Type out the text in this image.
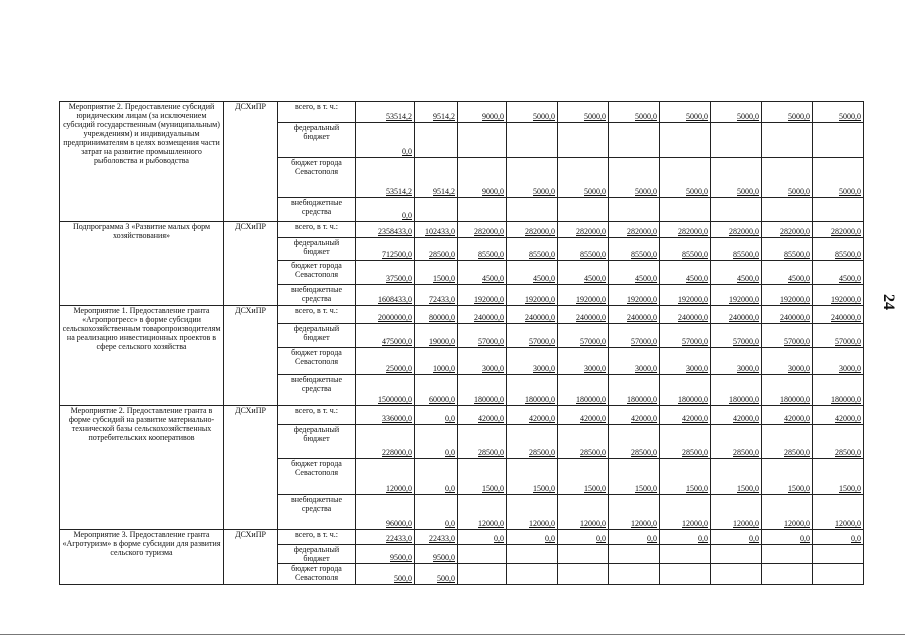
24
Мероприятие 2. Предоставление субсидий юридическим лицам (за исключением субсидий государственным (муниципальным) учреждениям) и индивидуальным предпринимателям в целях возмещения части затрат на развитие промышленного рыболовства и рыбоводства	ДСХиПР	всего, в т. ч.:	53514,2	9514,2	9000,0	5000,0	5000,0	5000,0	5000,0	5000,0	5000,0	5000,0
		федеральный бюджет	0,0									
		бюджет города Севастополя	53514,2	9514,2	9000,0	5000,0	5000,0	5000,0	5000,0	5000,0	5000,0	5000,0
		внебюджетные средства	0,0									
Подпрограмма 3 «Развитие малых форм хозяйствования»	ДСХиПР	всего, в т. ч.:	2358433,0	102433,0	282000,0	282000,0	282000,0	282000,0	282000,0	282000,0	282000,0	282000,0
		федеральный бюджет	712500,0	28500,0	85500,0	85500,0	85500,0	85500,0	85500,0	85500,0	85500,0	85500,0
		бюджет города Севастополя	37500,0	1500,0	4500,0	4500,0	4500,0	4500,0	4500,0	4500,0	4500,0	4500,0
		внебюджетные средства	1608433,0	72433,0	192000,0	192000,0	192000,0	192000,0	192000,0	192000,0	192000,0	192000,0
Мероприятие 1. Предоставление гранта «Агропрогресс» в форме субсидии сельскохозяйственным товаропроизводителям на реализацию инвестиционных проектов в сфере сельского хозяйства	ДСХиПР	всего, в т. ч.:	2000000,0	80000,0	240000,0	240000,0	240000,0	240000,0	240000,0	240000,0	240000,0	240000,0
		федеральный бюджет	475000,0	19000,0	57000,0	57000,0	57000,0	57000,0	57000,0	57000,0	57000,0	57000,0
		бюджет города Севастополя	25000,0	1000,0	3000,0	3000,0	3000,0	3000,0	3000,0	3000,0	3000,0	3000,0
		внебюджетные средства	1500000,0	60000,0	180000,0	180000,0	180000,0	180000,0	180000,0	180000,0	180000,0	180000,0
Мероприятие 2. Предоставление гранта в форме субсидий на развитие материально-технической базы сельскохозяйственных потребительских кооперативов	ДСХиПР	всего, в т. ч.:	336000,0	0,0	42000,0	42000,0	42000,0	42000,0	42000,0	42000,0	42000,0	42000,0
		федеральный бюджет	228000,0	0,0	28500,0	28500,0	28500,0	28500,0	28500,0	28500,0	28500,0	28500,0
		бюджет города Севастополя	12000,0	0,0	1500,0	1500,0	1500,0	1500,0	1500,0	1500,0	1500,0	1500,0
		внебюджетные средства	96000,0	0,0	12000,0	12000,0	12000,0	12000,0	12000,0	12000,0	12000,0	12000,0
Мероприятие 3. Предоставление гранта «Агротуризм» в форме субсидии для развития сельского туризма	ДСХиПР	всего, в т. ч.:	22433,0	22433,0	0,0	0,0	0,0	0,0	0,0	0,0	0,0	0,0
		федеральный бюджет	9500,0	9500,0								
		бюджет города Севастополя	500,0	500,0								
